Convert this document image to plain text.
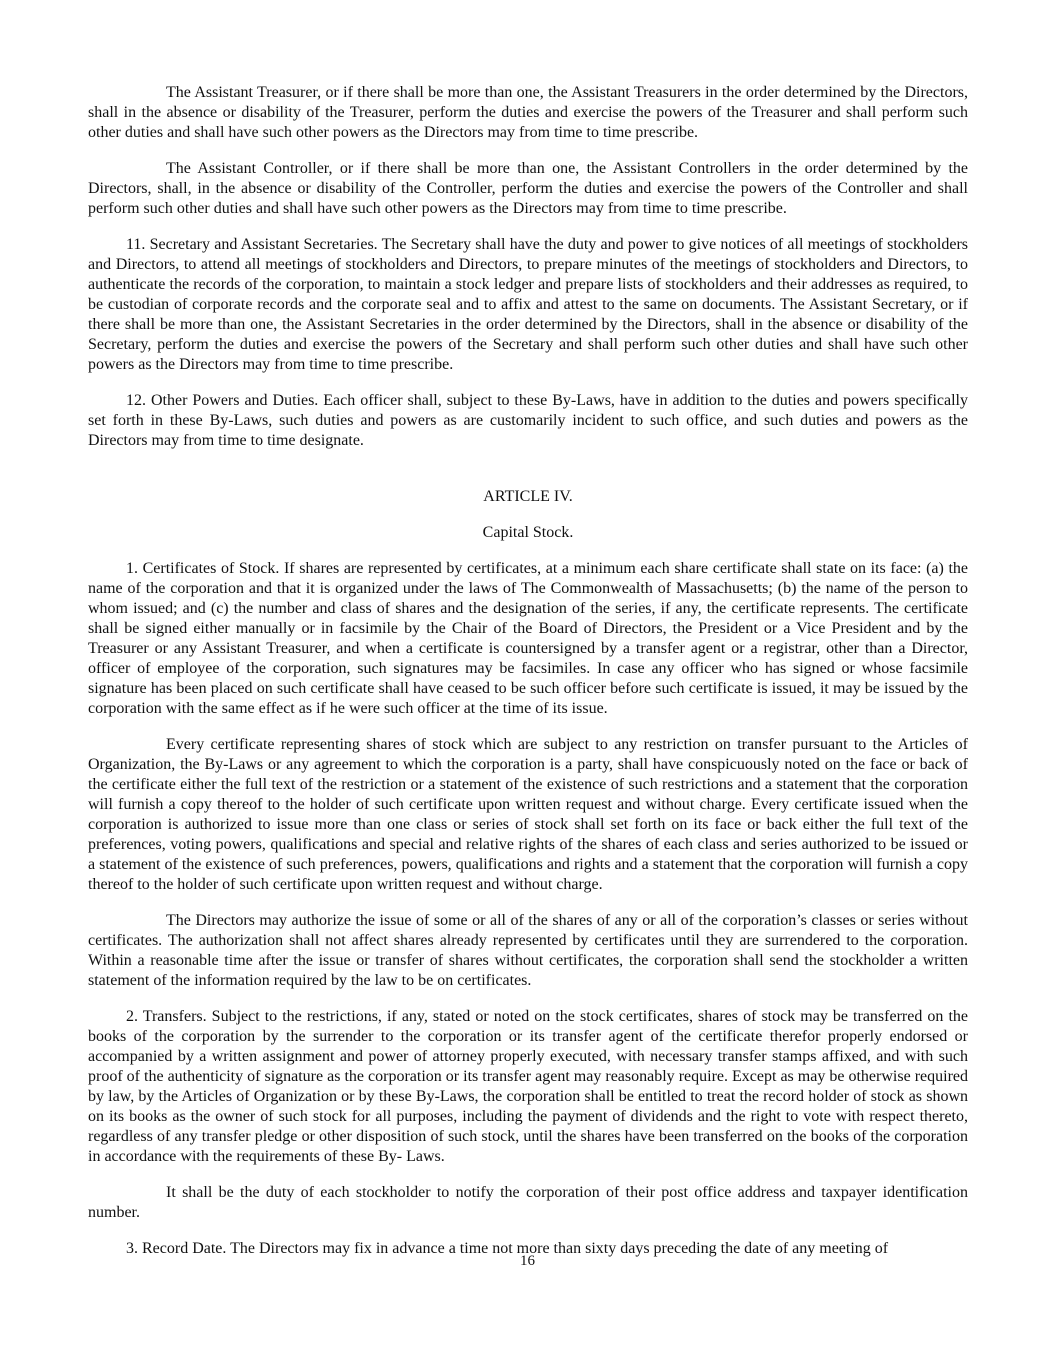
The Assistant Treasurer, or if there shall be more than one, the Assistant Treasurers in the order determined by the Directors, shall in the absence or disability of the Treasurer, perform the duties and exercise the powers of the Treasurer and shall perform such other duties and shall have such other powers as the Directors may from time to time prescribe.

The Assistant Controller, or if there shall be more than one, the Assistant Controllers in the order determined by the Directors, shall, in the absence or disability of the Controller, perform the duties and exercise the powers of the Controller and shall perform such other duties and shall have such other powers as the Directors may from time to time prescribe.

11. Secretary and Assistant Secretaries. The Secretary shall have the duty and power to give notices of all meetings of stockholders and Directors, to attend all meetings of stockholders and Directors, to prepare minutes of the meetings of stockholders and Directors, to authenticate the records of the corporation, to maintain a stock ledger and prepare lists of stockholders and their addresses as required, to be custodian of corporate records and the corporate seal and to affix and attest to the same on documents. The Assistant Secretary, or if there shall be more than one, the Assistant Secretaries in the order determined by the Directors, shall in the absence or disability of the Secretary, perform the duties and exercise the powers of the Secretary and shall perform such other duties and shall have such other powers as the Directors may from time to time prescribe.

12. Other Powers and Duties. Each officer shall, subject to these By-Laws, have in addition to the duties and powers specifically set forth in these By-Laws, such duties and powers as are customarily incident to such office, and such duties and powers as the Directors may from time to time designate.

ARTICLE IV.
Capital Stock.

1. Certificates of Stock. If shares are represented by certificates, at a minimum each share certificate shall state on its face: (a) the name of the corporation and that it is organized under the laws of The Commonwealth of Massachusetts; (b) the name of the person to whom issued; and (c) the number and class of shares and the designation of the series, if any, the certificate represents. The certificate shall be signed either manually or in facsimile by the Chair of the Board of Directors, the President or a Vice President and by the Treasurer or any Assistant Treasurer, and when a certificate is countersigned by a transfer agent or a registrar, other than a Director, officer of employee of the corporation, such signatures may be facsimiles. In case any officer who has signed or whose facsimile signature has been placed on such certificate shall have ceased to be such officer before such certificate is issued, it may be issued by the corporation with the same effect as if he were such officer at the time of its issue.

Every certificate representing shares of stock which are subject to any restriction on transfer pursuant to the Articles of Organization, the By-Laws or any agreement to which the corporation is a party, shall have conspicuously noted on the face or back of the certificate either the full text of the restriction or a statement of the existence of such restrictions and a statement that the corporation will furnish a copy thereof to the holder of such certificate upon written request and without charge. Every certificate issued when the corporation is authorized to issue more than one class or series of stock shall set forth on its face or back either the full text of the preferences, voting powers, qualifications and special and relative rights of the shares of each class and series authorized to be issued or a statement of the existence of such preferences, powers, qualifications and rights and a statement that the corporation will furnish a copy thereof to the holder of such certificate upon written request and without charge.

The Directors may authorize the issue of some or all of the shares of any or all of the corporation’s classes or series without certificates. The authorization shall not affect shares already represented by certificates until they are surrendered to the corporation. Within a reasonable time after the issue or transfer of shares without certificates, the corporation shall send the stockholder a written statement of the information required by the law to be on certificates.

2. Transfers. Subject to the restrictions, if any, stated or noted on the stock certificates, shares of stock may be transferred on the books of the corporation by the surrender to the corporation or its transfer agent of the certificate therefor properly endorsed or accompanied by a written assignment and power of attorney properly executed, with necessary transfer stamps affixed, and with such proof of the authenticity of signature as the corporation or its transfer agent may reasonably require. Except as may be otherwise required by law, by the Articles of Organization or by these By-Laws, the corporation shall be entitled to treat the record holder of stock as shown on its books as the owner of such stock for all purposes, including the payment of dividends and the right to vote with respect thereto, regardless of any transfer pledge or other disposition of such stock, until the shares have been transferred on the books of the corporation in accordance with the requirements of these By- Laws.

It shall be the duty of each stockholder to notify the corporation of their post office address and taxpayer identification number.

3. Record Date. The Directors may fix in advance a time not more than sixty days preceding the date of any meeting of

16
